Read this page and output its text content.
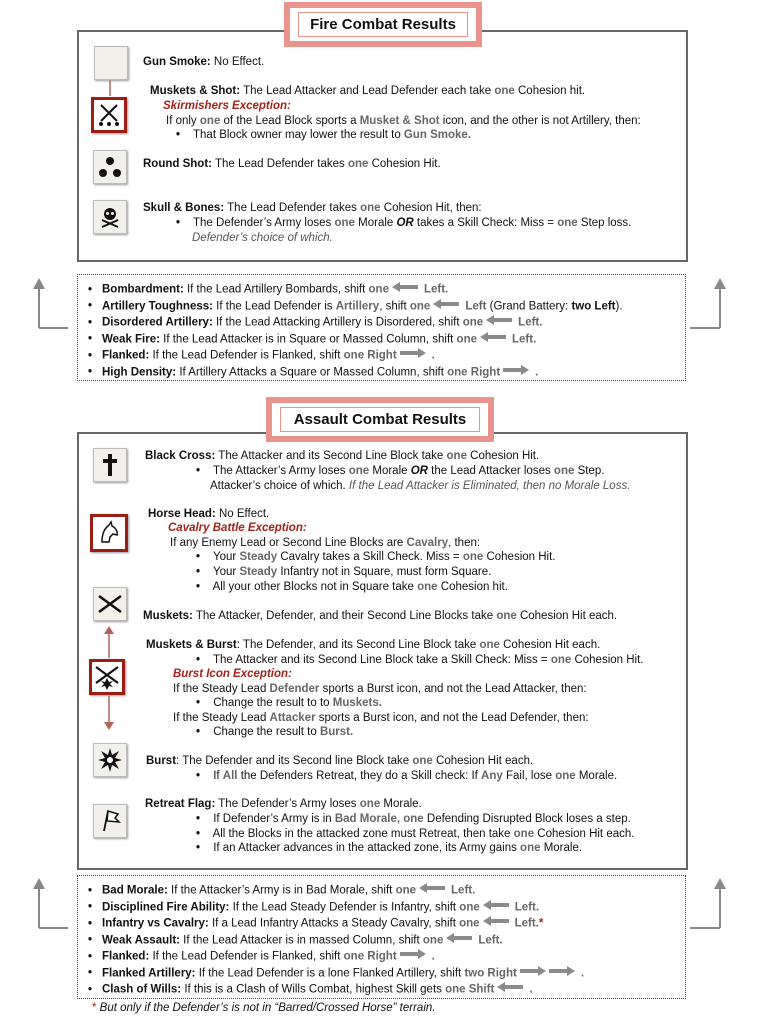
Fire Combat Results
Gun Smoke: No Effect.
Muskets & Shot: The Lead Attacker and Lead Defender each take one Cohesion hit.
Skirmishers Exception:
If only one of the Lead Block sports a Musket & Shot icon, and the other is not Artillery, then:
• That Block owner may lower the result to Gun Smoke.
Round Shot: The Lead Defender takes one Cohesion Hit.
Skull & Bones: The Lead Defender takes one Cohesion Hit, then:
• The Defender’s Army loses one Morale OR takes a Skill Check: Miss = one Step loss.
Defender’s choice of which.
• Bombardment: If the Lead Artillery Bombards, shift one	Left.
• Artillery Toughness: If the Lead Defender is Artillery, shift one	Left (Grand Battery: two Left).
• Disordered Artillery: If the Lead Attacking Artillery is Disordered, shift one	Left.
• Weak Fire: If the Lead Attacker is in Square or Massed Column, shift one	Left.
• Flanked: If the Lead Defender is Flanked, shift one Right	.
• High Density: If Artillery Attacks a Square or Massed Column, shift one Right	.
Assault Combat Results
Black Cross: The Attacker and its Second Line Block take one Cohesion Hit.
• The Attacker’s Army loses one Morale OR the Lead Attacker loses one Step.
Attacker’s choice of which. If the Lead Attacker is Eliminated, then no Morale Loss.
Horse Head: No Effect.
Cavalry Battle Exception:
If any Enemy Lead or Second Line Blocks are Cavalry, then:
• Your Steady Cavalry takes a Skill Check. Miss = one Cohesion Hit.
• Your Steady Infantry not in Square, must form Square.
• All your other Blocks not in Square take one Cohesion hit.
Muskets: The Attacker, Defender, and their Second Line Blocks take one Cohesion Hit each.
Muskets & Burst: The Defender, and its Second Line Block take one Cohesion Hit each.
• The Attacker and its Second Line Block take a Skill Check: Miss = one Cohesion Hit.
Burst Icon Exception:
If the Steady Lead Defender sports a Burst icon, and not the Lead Attacker, then:
• Change the result to to Muskets.
If the Steady Lead Attacker sports a Burst icon, and not the Lead Defender, then:
• Change the result to Burst.
Burst: The Defender and its Second line Block take one Cohesion Hit each.
• If All the Defenders Retreat, they do a Skill check: If Any Fail, lose one Morale.
Retreat Flag: The Defender’s Army loses one Morale.
• If Defender’s Army is in Bad Morale, one Defending Disrupted Block loses a step.
• All the Blocks in the attacked zone must Retreat, then take one Cohesion Hit each.
• If an Attacker advances in the attacked zone, its Army gains one Morale.
• Bad Morale: If the Attacker’s Army is in Bad Morale, shift one	Left.
• Disciplined Fire Ability: If the Lead Steady Defender is Infantry, shift one	Left.
• Infantry vs Cavalry: If a Lead Infantry Attacks a Steady Cavalry, shift one	Left.*
• Weak Assault: If the Lead Attacker is in massed Column, shift one	Left.
• Flanked: If the Lead Defender is Flanked, shift one Right	.
• Flanked Artillery: If the Lead Defender is a lone Flanked Artillery, shift two Right	.
• Clash of Wills: If this is a Clash of Wills Combat, highest Skill gets one Shift	.
* But only if the Defender’s is not in “Barred/Crossed Horse” terrain.
